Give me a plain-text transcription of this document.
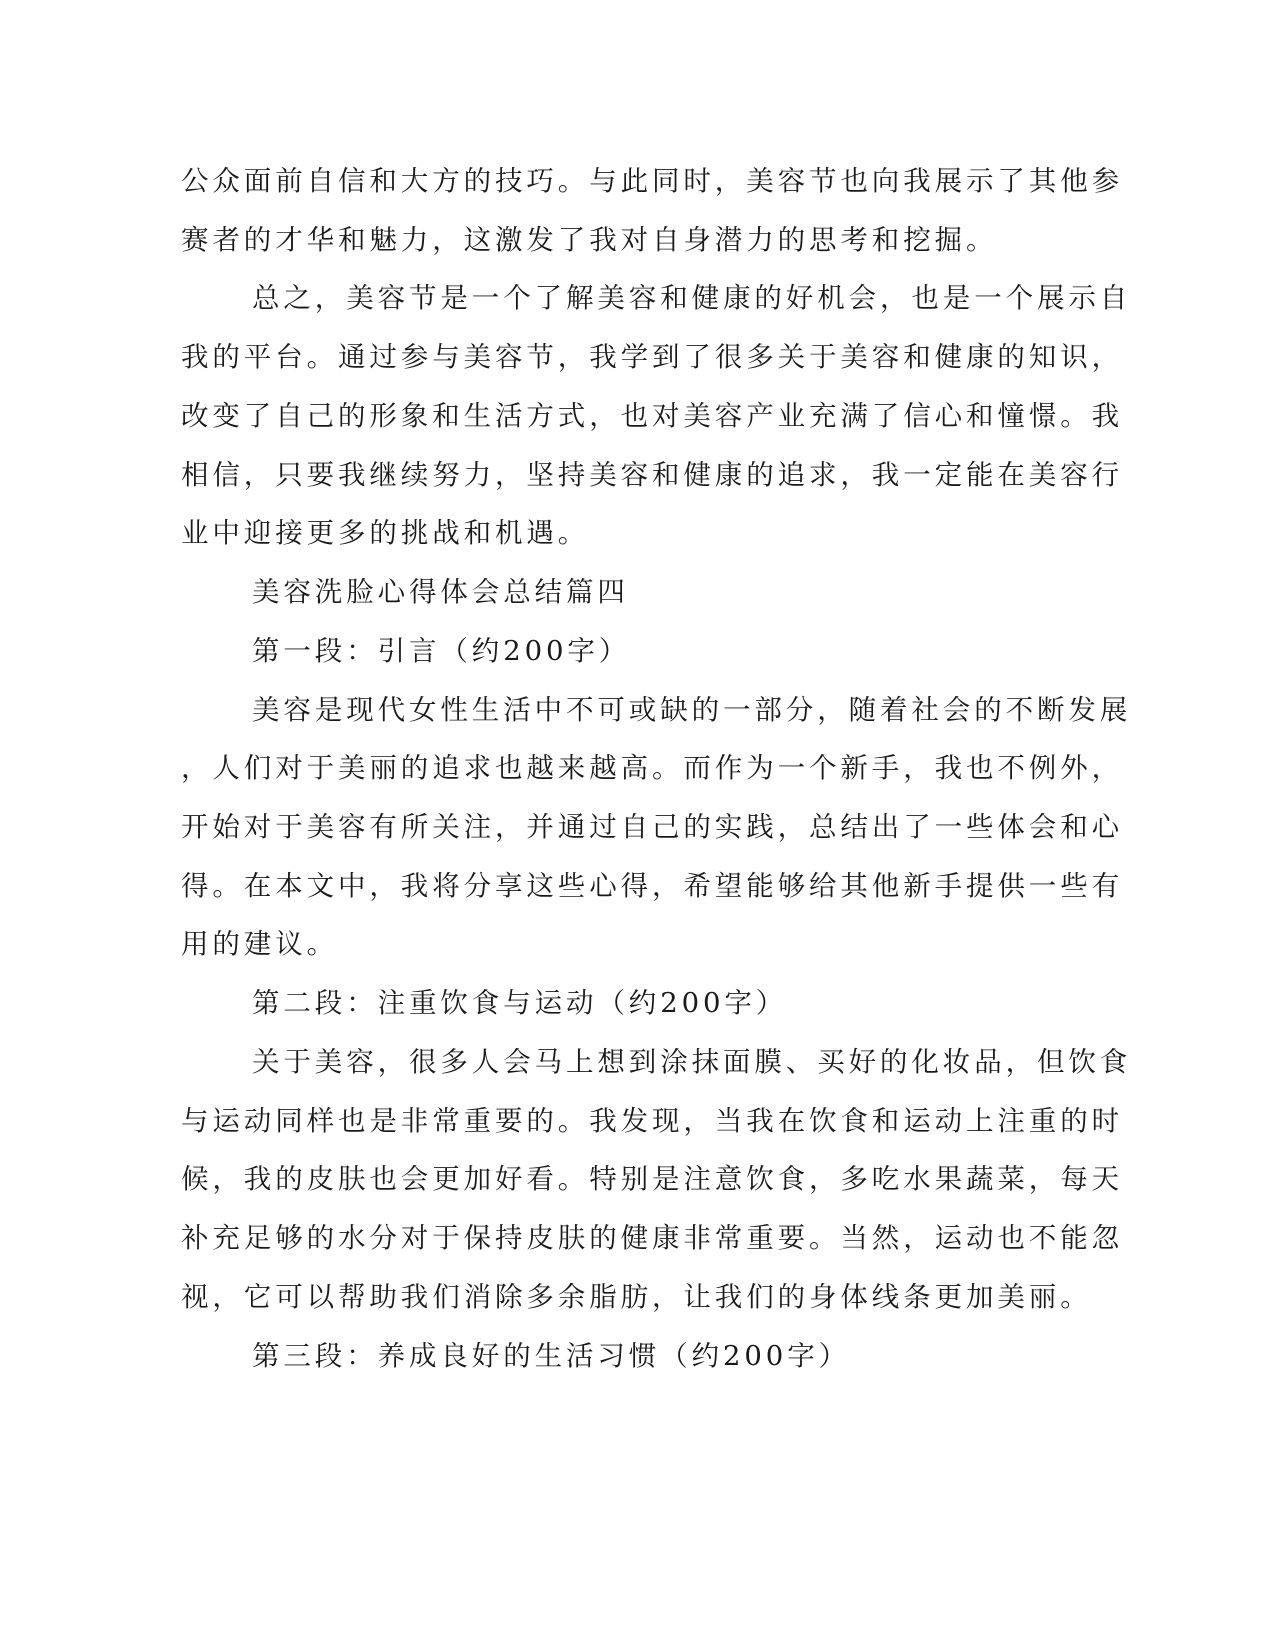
公众面前自信和大方的技巧。与此同时，美容节也向我展示了其他参
赛者的才华和魅力，这激发了我对自身潜力的思考和挖掘。
总之，美容节是一个了解美容和健康的好机会，也是一个展示自
我的平台。通过参与美容节，我学到了很多关于美容和健康的知识，
改变了自己的形象和生活方式，也对美容产业充满了信心和憧憬。我
相信，只要我继续努力，坚持美容和健康的追求，我一定能在美容行
业中迎接更多的挑战和机遇。
美容洗脸心得体会总结篇四
第一段：引言（约200字）
美容是现代女性生活中不可或缺的一部分，随着社会的不断发展
，人们对于美丽的追求也越来越高。而作为一个新手，我也不例外，
开始对于美容有所关注，并通过自己的实践，总结出了一些体会和心
得。在本文中，我将分享这些心得，希望能够给其他新手提供一些有
用的建议。
第二段：注重饮食与运动（约200字）
关于美容，很多人会马上想到涂抹面膜、买好的化妆品，但饮食
与运动同样也是非常重要的。我发现，当我在饮食和运动上注重的时
候，我的皮肤也会更加好看。特别是注意饮食，多吃水果蔬菜，每天
补充足够的水分对于保持皮肤的健康非常重要。当然，运动也不能忽
视，它可以帮助我们消除多余脂肪，让我们的身体线条更加美丽。
第三段：养成良好的生活习惯（约200字）
